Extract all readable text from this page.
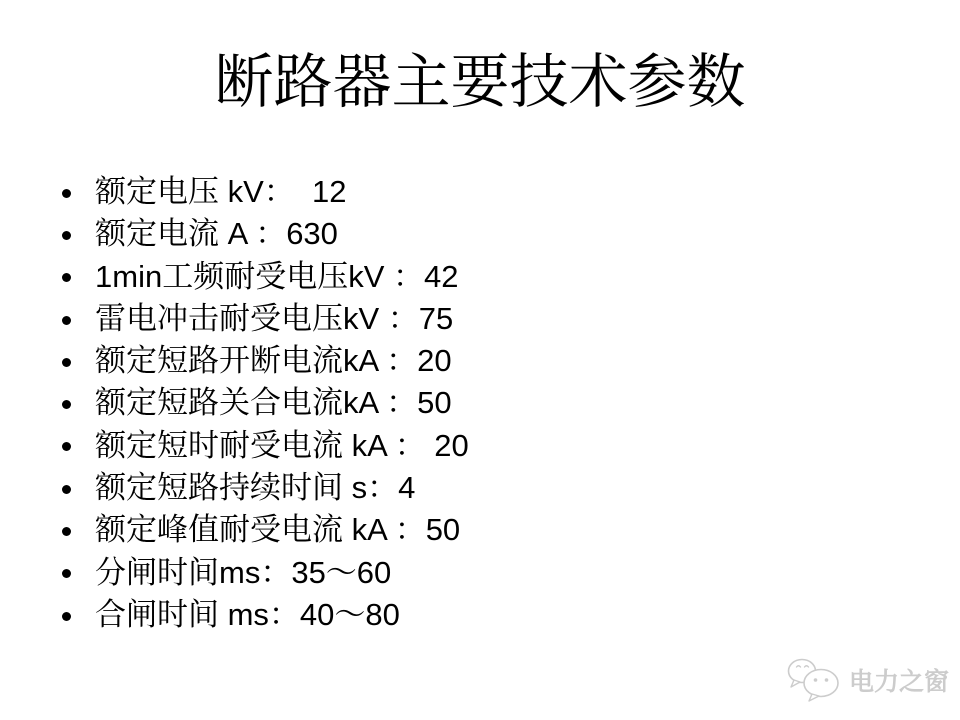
断路器主要技术参数
额定电压 kV：  12
额定电流 A ：630
1min工频耐受电压kV ：42
雷电冲击耐受电压kV ：75
额定短路开断电流kA ：20
额定短路关合电流kA ：50
额定短时耐受电流 kA ： 20
额定短路持续时间 s：4
额定峰值耐受电流 kA ：50
分闸时间ms：35～60
合闸时间 ms：40～80
电力之窗
